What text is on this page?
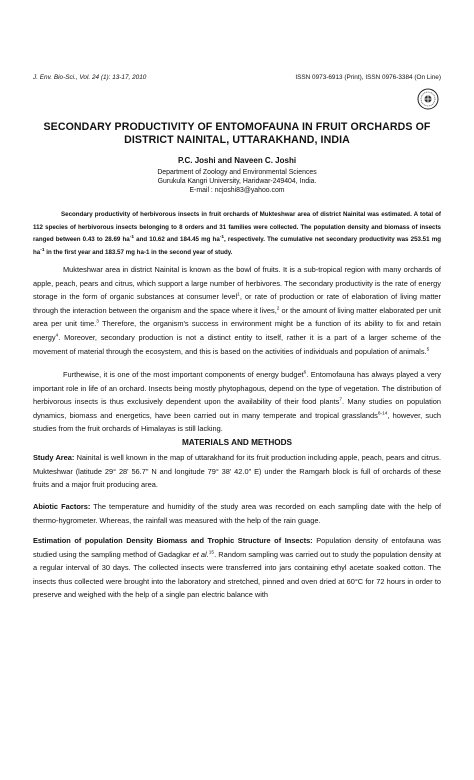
J. Env. Bio-Sci., Vol. 24 (1): 13-17, 2010	ISSN 0973-6913 (Print), ISSN 0976-3384 (On Line)
SECONDARY PRODUCTIVITY OF ENTOMOFAUNA IN FRUIT ORCHARDS OF
DISTRICT NAINITAL, UTTARAKHAND, INDIA
P.C. Joshi and Naveen C. Joshi
Department of Zoology and Environmental Sciences
Gurukula Kangri University, Haridwar-249404, India.
E-mail : ncjoshi83@yahoo.com
Secondary productivity of herbivorous insects in fruit orchards of Mukteshwar area of district Nainital was estimated. A total of 112 species of herbivorous insects belonging to 8 orders and 31 families were collected. The population density and biomass of insects ranged between 0.43 to 28.69 $ha^{-1}$ and 10.62 and 184.45 mg $ha^{-1}$, respectively. The cumulative net secondary productivity was 253.51 mg $ha^{-1}$ in the first year and 183.57 mg ha-1 in the second year of study.

Mukteshwar area in district Nainital is known as the bowl of fruits. It is a sub-tropical region with many orchards of apple, peach, pears and citrus, which support a large number of herbivores. The secondary productivity is the rate of energy storage in the form of organic substances at consumer level$^1$, or rate of production or rate of elaboration of living matter through the interaction between the organism and the space where it lives,$^2$ or the amount of living matter elaborated per unit area per unit time.$^3$ Therefore, the organism's success in environment might be a function of its ability to fix and retain energy$^4$. Moreover, secondary production is not a distinct entity to itself, rather it is a part of a larger scheme of the movement of material through the ecosystem, and this is based on the activities of individuals and population of animals.$^5$

Furthewise, it is one of the most important components of energy budget$^6$. Entomofauna has always played a very important role in life of an orchard. Insects being mostly phytophagous, depend on the type of vegetation. The distribution of herbivorous insects is thus exclusively dependent upon the availability of their food plants$^7$. Many studies on population dynamics, biomass and energetics, have been carried out in many temperate and tropical grasslands$^{8-14}$, however, such studies from the fruit orchards of Himalayas is still lacking.

MATERIALS AND METHODS

Study Area: Nainital is well known in the map of uttarakhand for its fruit production including apple, peach, pears and citrus. Mukteshwar (latitude 29° 28' 56.7" N and longitude 79° 38' 42.0" E) under the Ramgarh block is full of orchards of these fruits and a major fruit producing area.

Abiotic Factors: The temperature and humidity of the study area was recorded on each sampling date with the help of thermo-hygrometer. Whereas, the rainfall was measured with the help of the rain guage.

Estimation of population Density Biomass and Trophic Structure of Insects: Population density of entofauna was studied using the sampling method of Gadagkar et al.$^{15}$. Random sampling was carried out to study the population density at a regular interval of 30 days. The collected insects were transferred into jars containing ethyl acetate soaked cotton. The insects thus collected were brought into the laboratory and stretched, pinned and oven dried at 60°C for 72 hours in order to preserve and weighed with the help of a single pan electric balance with
